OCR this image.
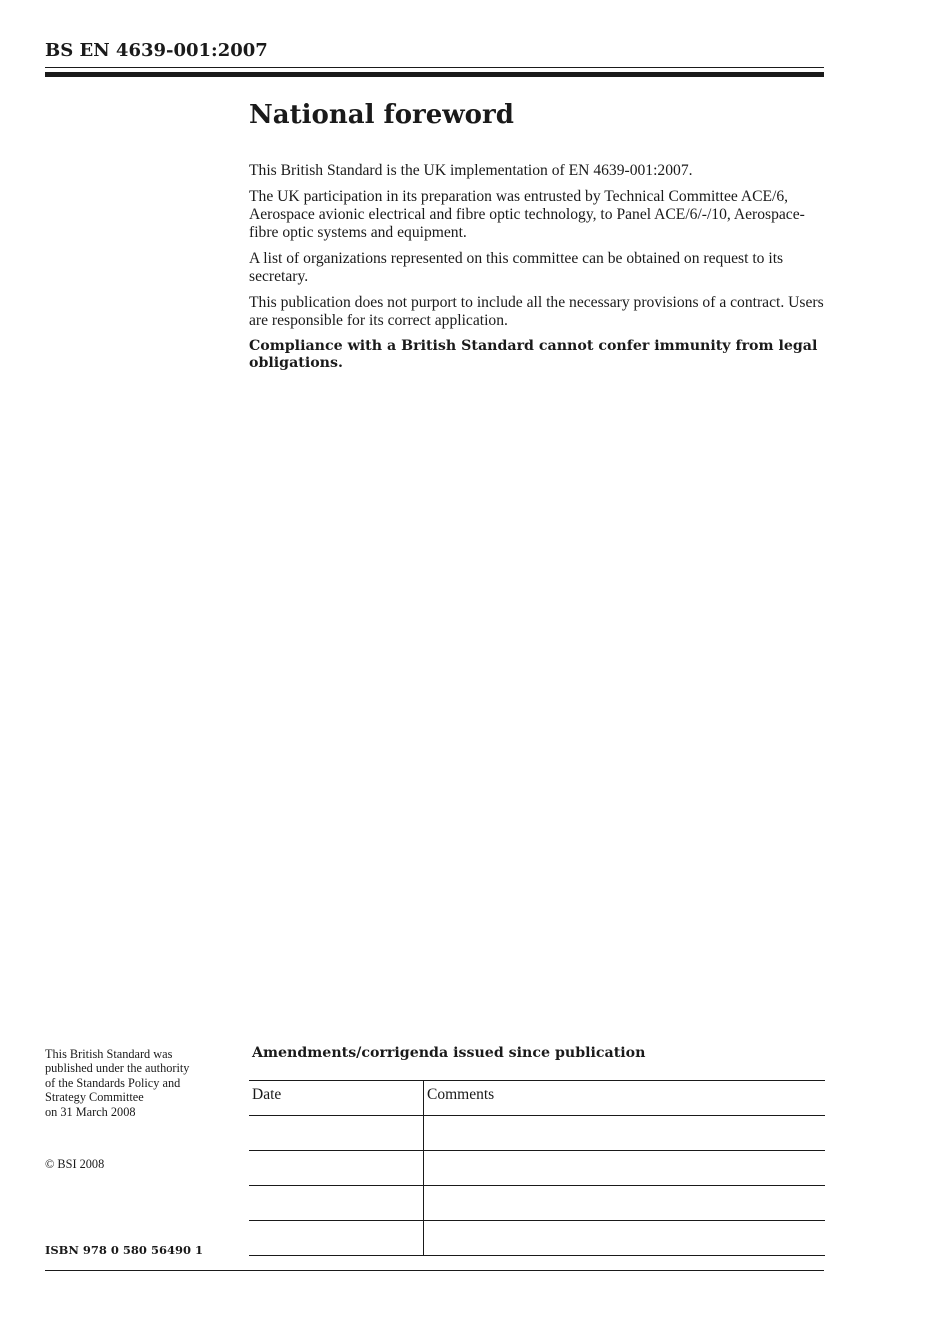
BS EN 4639-001:2007
National foreword

This British Standard is the UK implementation of EN 4639-001:2007.

The UK participation in its preparation was entrusted by Technical Committee ACE/6, Aerospace avionic electrical and fibre optic technology, to Panel ACE/6/-/10, Aerospace-fibre optic systems and equipment.

A list of organizations represented on this committee can be obtained on request to its secretary.

This publication does not purport to include all the necessary provisions of a contract. Users are responsible for its correct application.

Compliance with a British Standard cannot confer immunity from legal obligations.

This British Standard was
published under the authority
of the Standards Policy and
Strategy Committee
on 31 March 2008
© BSI 2008
ISBN 978 0 580 56490 1
Amendments/corrigenda issued since publication
Date	Comments
